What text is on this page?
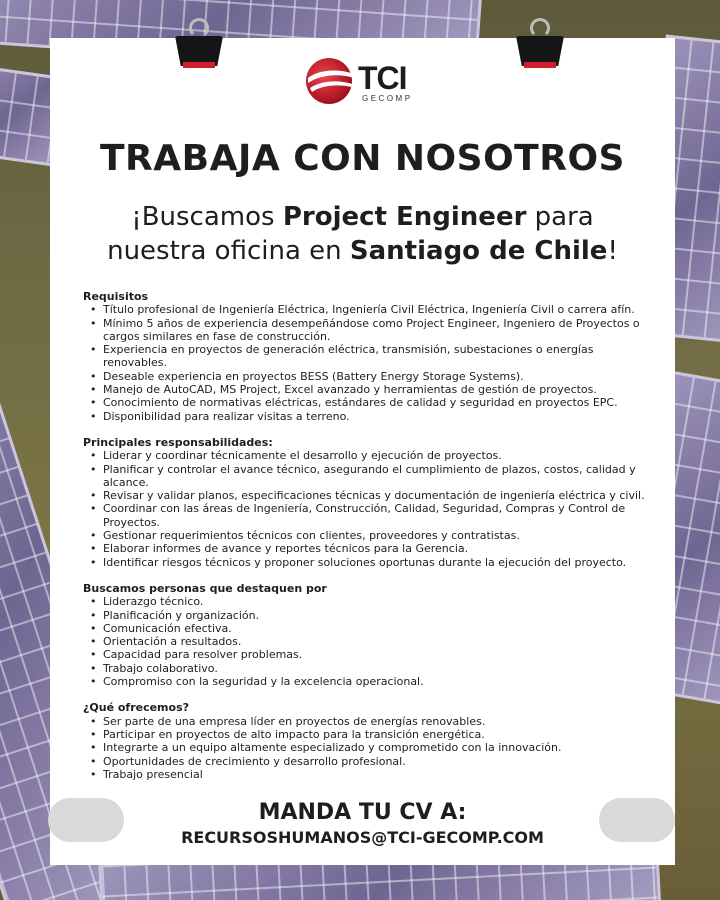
TCI
GECOMP
TRABAJA CON NOSOTROS
¡Buscamos Project Engineer para
nuestra oficina en Santiago de Chile!
Requisitos
• Título profesional de Ingeniería Eléctrica, Ingeniería Civil Eléctrica, Ingeniería Civil o carrera afín.
• Mínimo 5 años de experiencia desempeñándose como Project Engineer, Ingeniero de Proyectos o cargos similares en fase de construcción.
• Experiencia en proyectos de generación eléctrica, transmisión, subestaciones o energías renovables.
• Deseable experiencia en proyectos BESS (Battery Energy Storage Systems).
• Manejo de AutoCAD, MS Project, Excel avanzado y herramientas de gestión de proyectos.
• Conocimiento de normativas eléctricas, estándares de calidad y seguridad en proyectos EPC.
• Disponibilidad para realizar visitas a terreno.
Principales responsabilidades:
• Liderar y coordinar técnicamente el desarrollo y ejecución de proyectos.
• Planificar y controlar el avance técnico, asegurando el cumplimiento de plazos, costos, calidad y alcance.
• Revisar y validar planos, especificaciones técnicas y documentación de ingeniería eléctrica y civil.
• Coordinar con las áreas de Ingeniería, Construcción, Calidad, Seguridad, Compras y Control de Proyectos.
• Gestionar requerimientos técnicos con clientes, proveedores y contratistas.
• Elaborar informes de avance y reportes técnicos para la Gerencia.
• Identificar riesgos técnicos y proponer soluciones oportunas durante la ejecución del proyecto.
Buscamos personas que destaquen por
• Liderazgo técnico.
• Planificación y organización.
• Comunicación efectiva.
• Orientación a resultados.
• Capacidad para resolver problemas.
• Trabajo colaborativo.
• Compromiso con la seguridad y la excelencia operacional.
¿Qué ofrecemos?
• Ser parte de una empresa líder en proyectos de energías renovables.
• Participar en proyectos de alto impacto para la transición energética.
• Integrarte a un equipo altamente especializado y comprometido con la innovación.
• Oportunidades de crecimiento y desarrollo profesional.
• Trabajo presencial
MANDA TU CV A:
RECURSOSHUMANOS@TCI-GECOMP.COM
